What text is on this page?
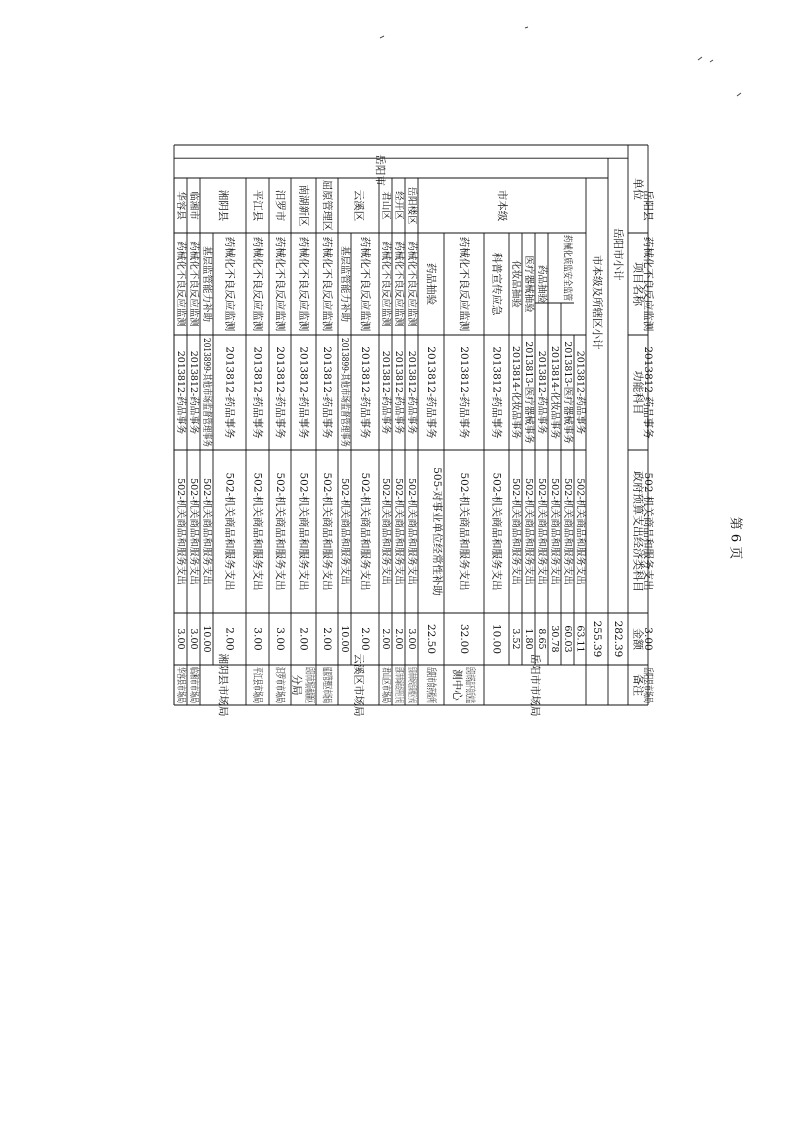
单位
项目名称
功能科目
政府预算支出经济类科目
金额
备注
岳阳市小计
282.39
市本级及所辖区小计
255.39
岳阳市
市本级
岳阳市市场局
云溪区
云溪区市场局
湘阴县
湘阴县市场局
药械化质监安全监管
2013812-药品事务
502-机关商品和服务支出
63.11
2013813-医疗器械事务
502-机关商品和服务支出
60.03
2013814-化妆品事务
502-机关商品和服务支出
30.78
药品抽验
2013812-药品事务
502-机关商品和服务支出
8.65
医疗器械抽验
2013813-医疗器械事务
502-机关商品和服务支出
1.80
化妆品抽验
2013814-化妆品事务
502-机关商品和服务支出
3.52
科普宣传应急
2013812-药品事务
502-机关商品和服务支出
10.00
药械化不良反应监测
2013812-药品事务
502-机关商品和服务支出
32.00
岳阳市药品不良反应监测中心
药品抽验
2013812-药品事务
505-对事业单位经常性补助
22.50
岳阳市食药检所
岳阳楼区
药械化不良反应监测
2013812-药品事务
502-机关商品和服务支出
3.00
岳阳市市场局岳阳楼区分局
经开区
药械化不良反应监测
2013812-药品事务
502-机关商品和服务支出
2.00
岳阳市市场局经开区分局
君山区
药械化不良反应监测
2013812-药品事务
502-机关商品和服务支出
2.00
君山区市场局
药械化不良反应监测
2013812-药品事务
502-机关商品和服务支出
2.00
基层监管能力补助
2013899-其他市场监督管理事务
502-机关商品和服务支出
10.00
屈原管理区
药械化不良反应监测
2013812-药品事务
502-机关商品和服务支出
2.00
屈原管理区市场局
南湖新区
药械化不良反应监测
2013812-药品事务
502-机关商品和服务支出
2.00
岳阳市市场局南湖新区分局
汨罗市
药械化不良反应监测
2013812-药品事务
502-机关商品和服务支出
3.00
汨罗市市场局
平江县
药械化不良反应监测
2013812-药品事务
502-机关商品和服务支出
3.00
平江县市场局
药械化不良反应监测
2013812-药品事务
502-机关商品和服务支出
2.00
基层监管能力补助
2013899-其他市场监督管理事务
502-机关商品和服务支出
10.00
临湘市
药械化不良反应监测
2013812-药品事务
502-机关商品和服务支出
3.00
临湘市市场局
华容县
药械化不良反应监测
2013812-药品事务
502-机关商品和服务支出
3.00
华容县市场局
岳阳县
药械化不良反应监测
2013812-药品事务
502-机关商品和服务支出
3.00
岳阳县市场局
第 6 页
